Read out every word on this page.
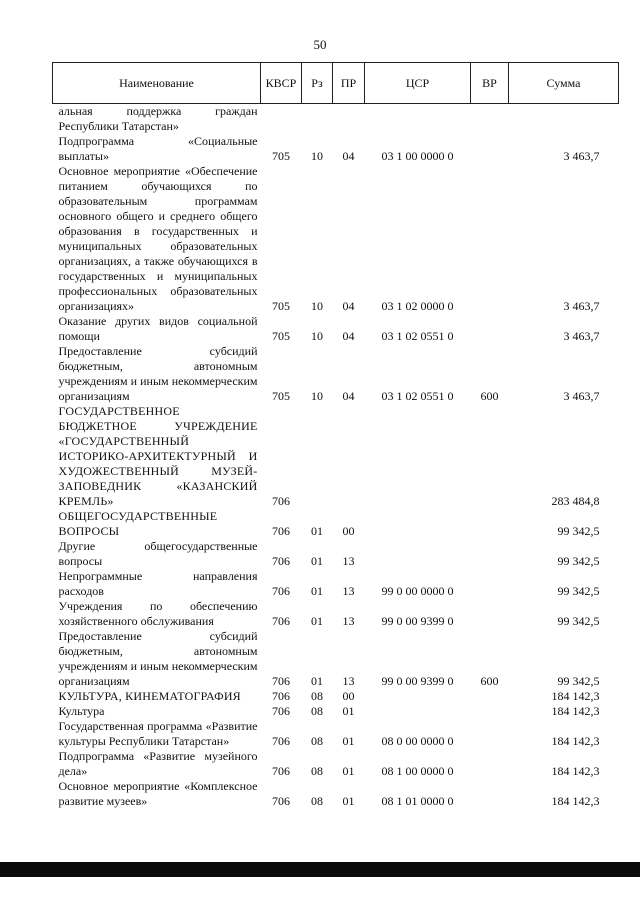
50
Наименование	КВСР	Рз	ПР	ЦСР	ВР	Сумма
альная поддержка граждан Республики Татарстан»						
Подпрограмма «Социальные выплаты»	705	10	04	03 1 00 0000 0		3 463,7
Основное мероприятие «Обеспечение питанием обучающихся по образовательным программам основного общего и среднего общего образования в государственных и муниципальных образовательных организациях, а также обучающихся в государственных и муниципальных профессиональных образовательных организациях»	705	10	04	03 1 02 0000 0		3 463,7
Оказание других видов социальной помощи	705	10	04	03 1 02 0551 0		3 463,7
Предоставление субсидий бюджетным, автономным учреждениям и иным некоммерческим организациям	705	10	04	03 1 02 0551 0	600	3 463,7
ГОСУДАРСТВЕННОЕ БЮДЖЕТНОЕ УЧРЕЖДЕНИЕ «ГОСУДАРСТВЕННЫЙ ИСТОРИКО-АРХИТЕКТУРНЫЙ И ХУДОЖЕСТВЕННЫЙ МУЗЕЙ-ЗАПОВЕДНИК «КАЗАНСКИЙ КРЕМЛЬ»	706					283 484,8
ОБЩЕГОСУДАРСТВЕННЫЕ ВОПРОСЫ	706	01	00			99 342,5
Другие общегосударственные вопросы	706	01	13			99 342,5
Непрограммные направления расходов	706	01	13	99 0 00 0000 0		99 342,5
Учреждения по обеспечению хозяйственного обслуживания	706	01	13	99 0 00 9399 0		99 342,5
Предоставление субсидий бюджетным, автономным учреждениям и иным некоммерческим организациям	706	01	13	99 0 00 9399 0	600	99 342,5
КУЛЬТУРА, КИНЕМАТОГРАФИЯ	706	08	00			184 142,3
Культура	706	08	01			184 142,3
Государственная программа «Развитие культуры Республики Татарстан»	706	08	01	08 0 00 0000 0		184 142,3
Подпрограмма «Развитие музейного дела»	706	08	01	08 1 00 0000 0		184 142,3
Основное мероприятие «Комплексное развитие музеев»	706	08	01	08 1 01 0000 0		184 142,3
